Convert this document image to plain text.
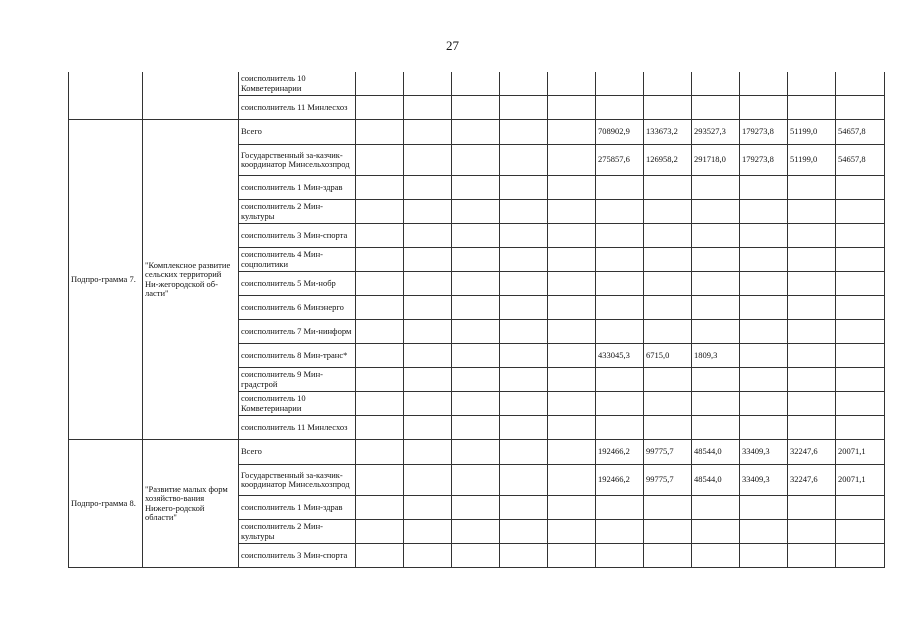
27
		соисполнитель 10 Комветеринарии											
		соисполнитель 11 Минлесхоз											
Подпро-грамма 7.	"Комплексное развитие сельских территорий Ни-жегородской об-ласти"	Всего						708902,9	133673,2	293527,3	179273,8	51199,0	54657,8
		Государственный за-казчик-координатор Минсельхозпрод						275857,6	126958,2	291718,0	179273,8	51199,0	54657,8
		соисполнитель 1 Мин-здрав											
		соисполнитель 2 Мин-культуры											
		соисполнитель 3 Мин-спорта											
		соисполнитель 4 Мин-соцполитики											
		соисполнитель 5 Ми-нобр											
		соисполнитель 6 Минэнерго											
		соисполнитель 7 Ми-нинформ											
		соисполнитель 8 Мин-транс*						433045,3	6715,0	1809,3			
		соисполнитель 9 Мин-градстрой											
		соисполнитель 10 Комветеринарии											
		соисполнитель 11 Минлесхоз											
Подпро-грамма 8.	"Развитие малых форм хозяйство-вания Нижего-родской области"	Всего						192466,2	99775,7	48544,0	33409,3	32247,6	20071,1
		Государственный за-казчик-координатор Минсельхозпрод						192466,2	99775,7	48544,0	33409,3	32247,6	20071,1
		соисполнитель 1 Мин-здрав											
		соисполнитель 2 Мин-культуры											
		соисполнитель 3 Мин-спорта											
